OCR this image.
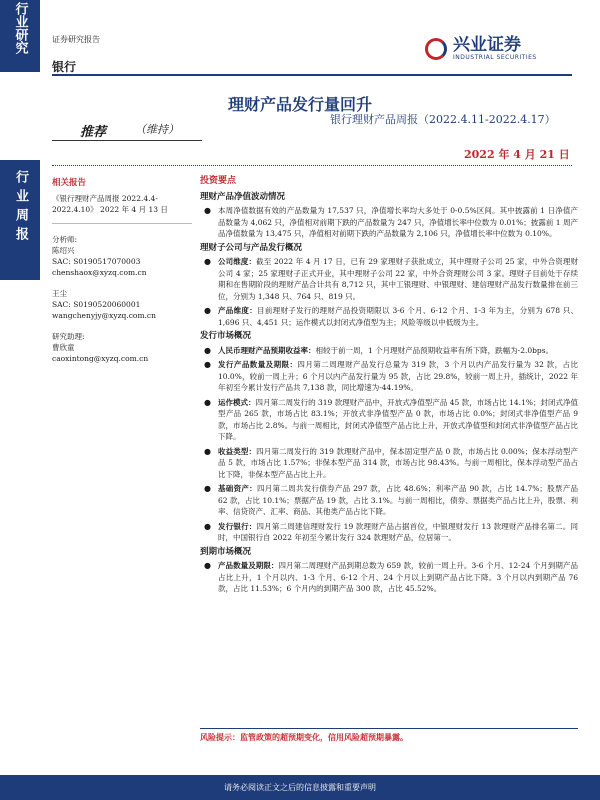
行业研究
行业周报
证券研究报告
银行
兴业证券
INDUSTRIAL SECURITIES
理财产品发行量回升
银行理财产品周报（2022.4.11-2022.4.17）
推荐	（维持）
2022 年 4 月 21 日
相关报告
《银行理财产品周报 2022.4.4-2022.4.10》 2022 年 4 月 13 日
分析师:
陈绍兴
SAC: S0190517070003
chenshaox@xyzq.com.cn
王尘
SAC: S0190520060001
wangchenyjy@xyzq.com.cn
研究助理:
曹欣童
caoxintong@xyzq.com.cn
投资要点
理财产品净值波动情况
● 本周净值数据有效的产品数量为 17,537 只，净值增长率均大多处于 0-0.5%区间。其中披露前 1 日净值产品数量为 4,062 只，净值相对前期下跌的产品数量为 247 只，净值增长率中位数为 0.01%；披露前 1 周产品净值数量为 13,475 只，净值相对前期下跌的产品数量为 2,106 只，净值增长率中位数为 0.10%。
理财子公司与产品发行概况
● 公司维度：截至 2022 年 4 月 17 日，已有 29 家理财子获批成立，其中理财子公司 25 家，中外合资理财公司 4 家；25 家理财子正式开业，其中理财子公司 22 家，中外合资理财公司 3 家。理财子目前处于存续期和在售期阶段的理财产品合计共有 8,712 只，其中工银理财、中银理财、建信理财产品发行数量排在前三位，分别为 1,348 只、764 只、819 只。
● 产品维度：目前理财子发行的理财产品投资期限以 3-6 个月、6-12 个月、1-3 年为主，分别为 678 只、1,696 只、4,451 只；运作模式以封闭式净值型为主；风险等级以中低级为主。
发行市场概况
● 人民币理财产品预期收益率：相较于前一周，1 个月理财产品预期收益率有所下降，跌幅为-2.0bps。
● 发行产品数量及期限：四月第二周理财产品发行总量为 319 款，3 个月以内产品发行量为 32 款，占比 10.0%，较前一周上升；6 个月以内产品发行量为 95 款，占比 29.8%，较前一周上升，插统计，2022 年年初至今累计发行产品共 7,138 款，同比增速为-44.19%。
● 运作模式：四月第二周发行的 319 款理财产品中，开放式净值型产品 45 款，市场占比 14.1%；封闭式净值型产品 265 款，市场占比 83.1%；开放式非净值型产品 0 款，市场占比 0.0%；封闭式非净值型产品 9 款，市场占比 2.8%。与前一周相比，封闭式净值型产品占比上升，开放式净值型和封闭式非净值型产品占比下降。
● 收益类型：四月第二周发行的 319 款理财产品中，保本固定型产品 0 款，市场占比 0.00%；保本浮动型产品 5 款，市场占比 1.57%；非保本型产品 314 款，市场占比 98.43%。与前一周相比，保本浮动型产品占比下降，非保本型产品占比上升。
● 基础资产：四月第二周共发行债券产品 297 款，占比 48.6%；利率产品 90 款，占比 14.7%；股票产品 62 款，占比 10.1%；票据产品 19 款，占比 3.1%。与前一周相比，债券、票据类产品占比上升，股票、利率、信贷资产、汇率、商品、其他类产品占比下降。
● 发行银行：四月第二周建信理财发行 19 款理财产品占据首位，中银理财发行 13 款理财产品排名第二。同时，中国银行自 2022 年初至今累计发行 324 款理财产品，位居第一。
到期市场概况
● 产品数量及期限：四月第二周理财产品到期总数为 659 款，较前一周上升。3-6 个月、12-24 个月到期产品占比上升，1 个月以内、1-3 个月、6-12 个月、24 个月以上到期产品占比下降。3 个月以内到期产品 76 款，占比 11.53%；6 个月内的到期产品 300 款，占比 45.52%。
风险提示：监管政策的超预期变化，信用风险超预期暴露。
请务必阅读正文之后的信息披露和重要声明
